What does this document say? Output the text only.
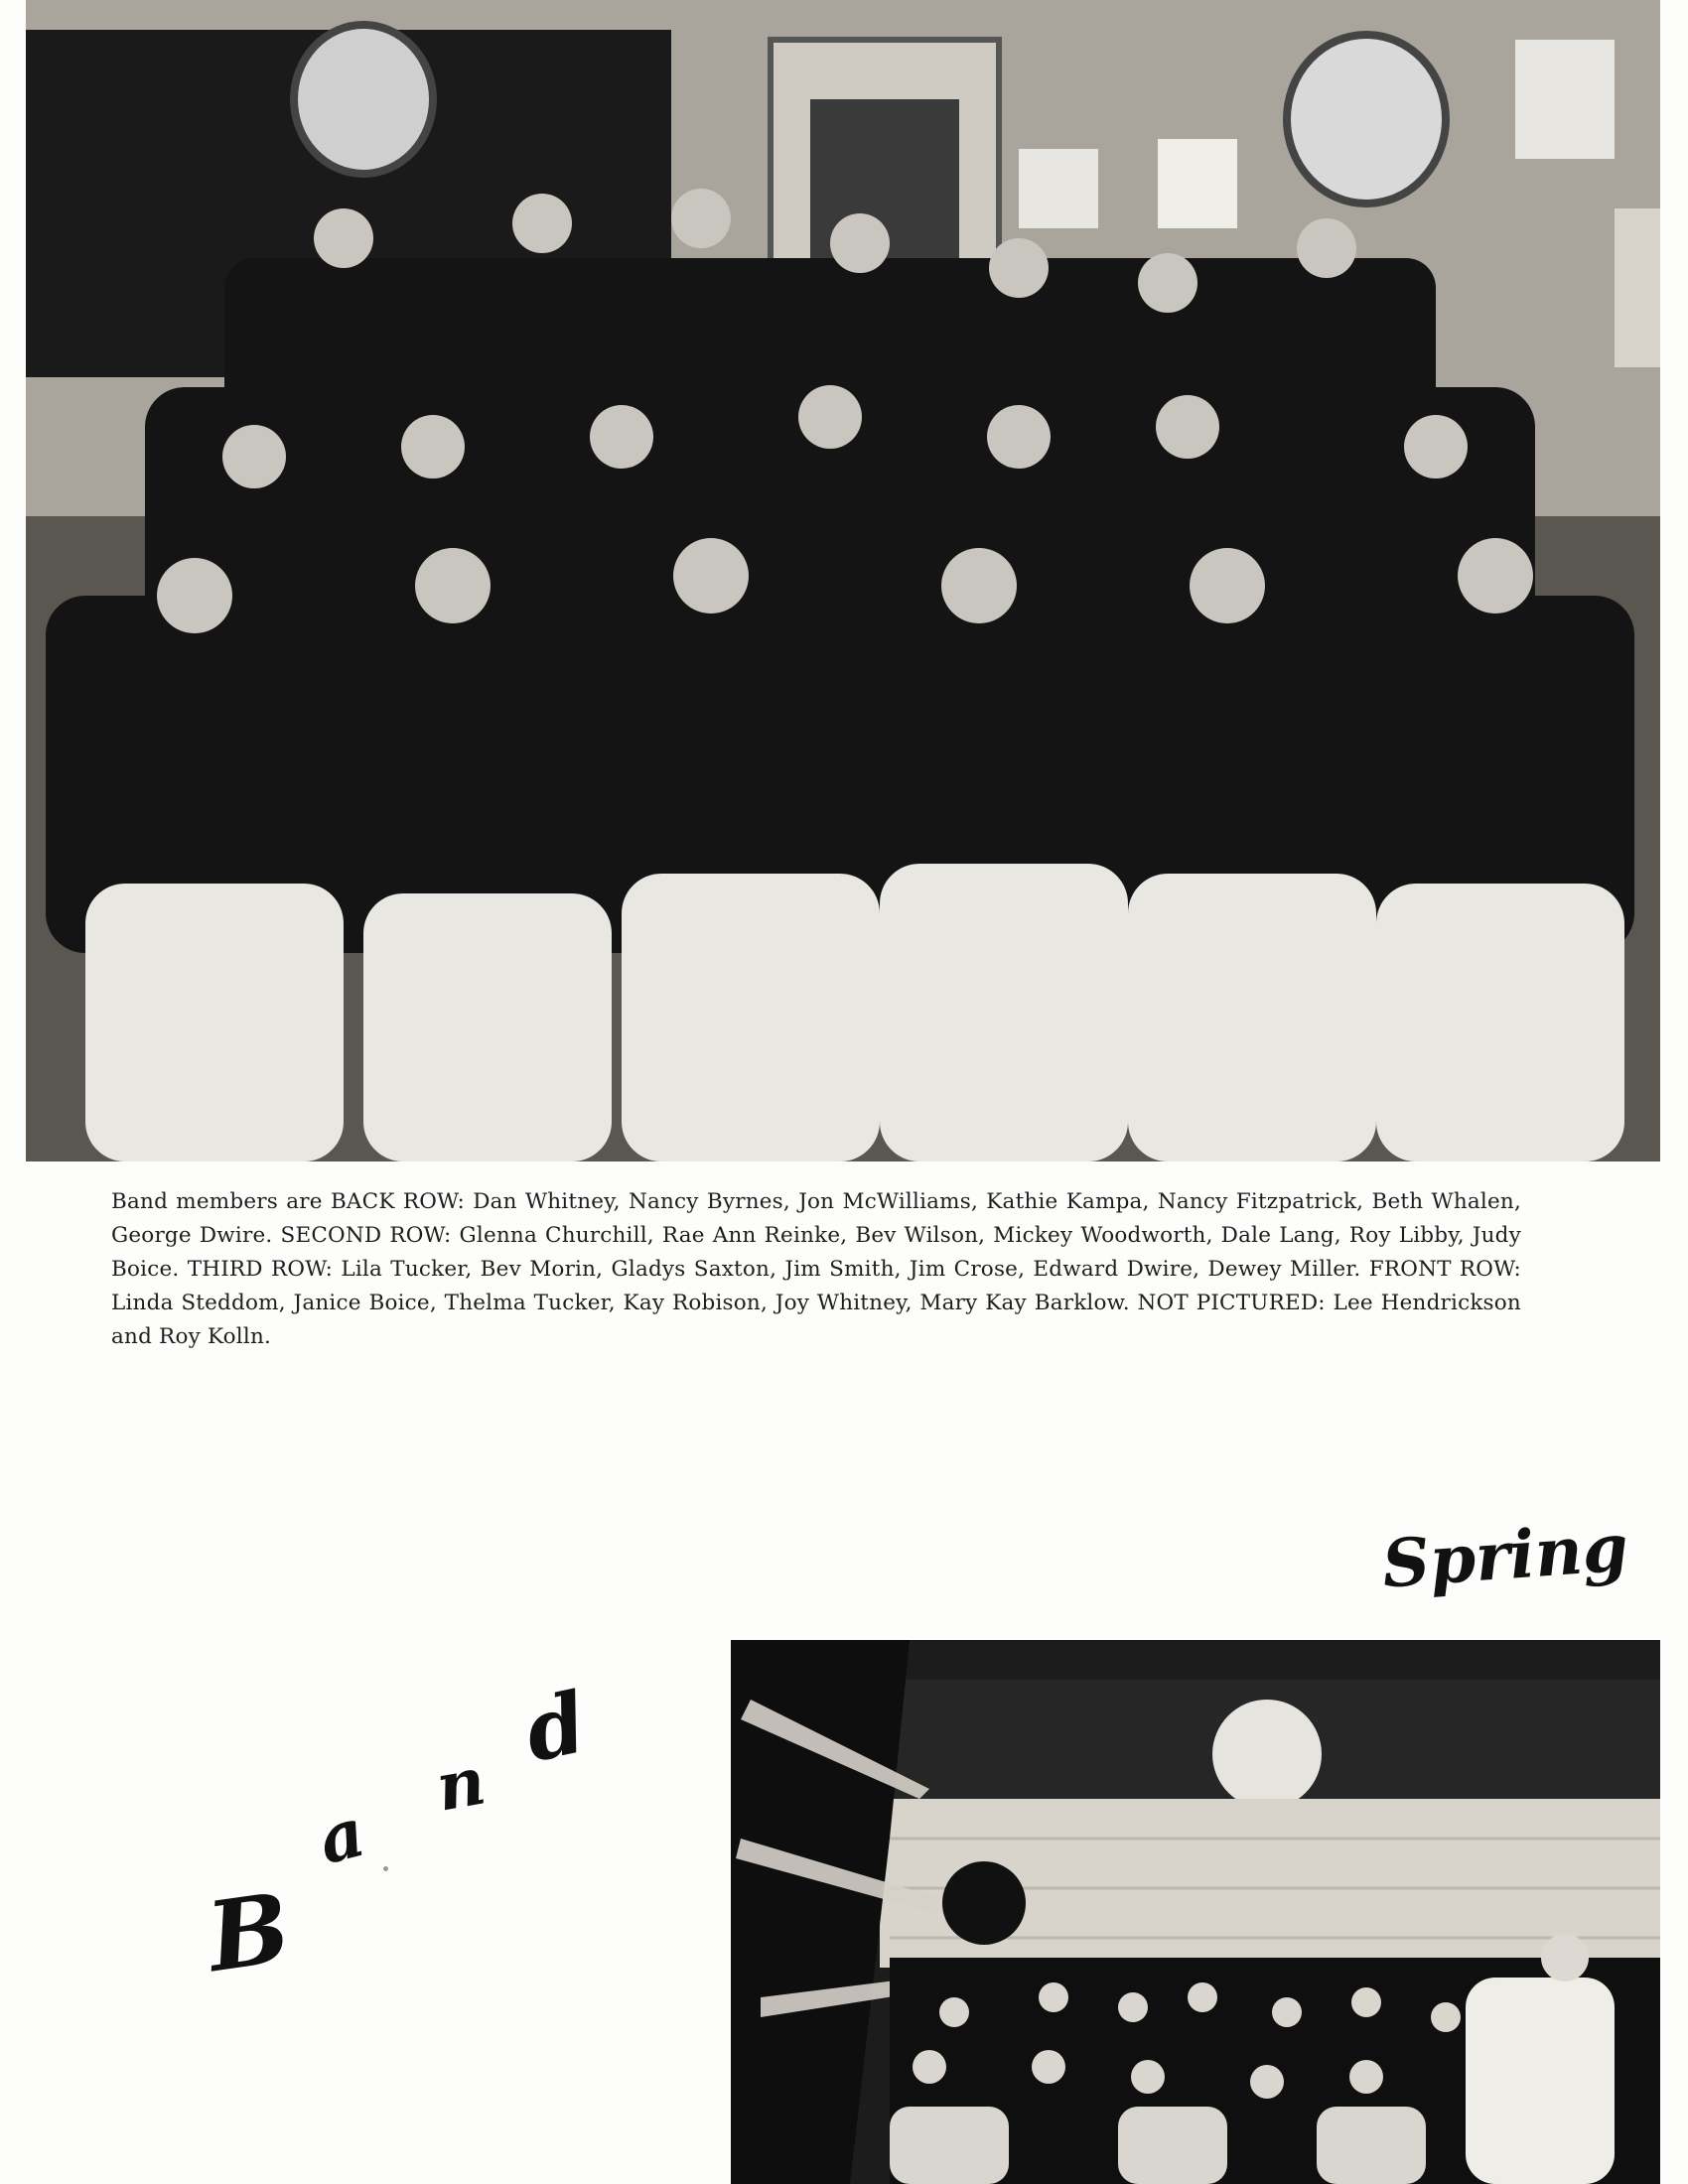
Band members are BACK ROW: Dan Whitney, Nancy Byrnes, Jon McWilliams, Kathie Kampa, Nancy Fitzpatrick, Beth Whalen, George Dwire. SECOND ROW: Glenna Churchill, Rae Ann Reinke, Bev Wilson, Mickey Woodworth, Dale Lang, Roy Libby, Judy Boice. THIRD ROW: Lila Tucker, Bev Morin, Gladys Saxton, Jim Smith, Jim Crose, Edward Dwire, Dewey Miller. FRONT ROW: Linda Steddom, Janice Boice, Thelma Tucker, Kay Robison, Joy Whitney, Mary Kay Barklow. NOT PICTURED: Lee Hendrickson and Roy Kolln.
Spring
B
a
n
d
